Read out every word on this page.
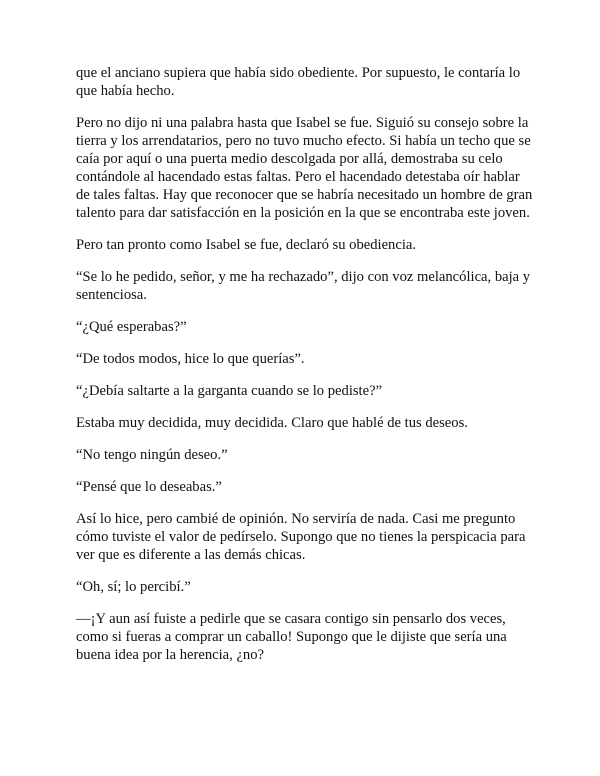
que el anciano supiera que había sido obediente. Por supuesto, le contaría lo que había hecho.

Pero no dijo ni una palabra hasta que Isabel se fue. Siguió su consejo sobre la tierra y los arrendatarios, pero no tuvo mucho efecto. Si había un techo que se caía por aquí o una puerta medio descolgada por allá, demostraba su celo contándole al hacendado estas faltas. Pero el hacendado detestaba oír hablar de tales faltas. Hay que reconocer que se habría necesitado un hombre de gran talento para dar satisfacción en la posición en la que se encontraba este joven.

Pero tan pronto como Isabel se fue, declaró su obediencia.

“Se lo he pedido, señor, y me ha rechazado”, dijo con voz melancólica, baja y sentenciosa.

“¿Qué esperabas?”

“De todos modos, hice lo que querías”.

“¿Debía saltarte a la garganta cuando se lo pediste?”

Estaba muy decidida, muy decidida. Claro que hablé de tus deseos.

“No tengo ningún deseo.”

“Pensé que lo deseabas.”

Así lo hice, pero cambié de opinión. No serviría de nada. Casi me pregunto cómo tuviste el valor de pedírselo. Supongo que no tienes la perspicacia para ver que es diferente a las demás chicas.

“Oh, sí; lo percibí.”

—¡Y aun así fuiste a pedirle que se casara contigo sin pensarlo dos veces, como si fueras a comprar un caballo! Supongo que le dijiste que sería una buena idea por la herencia, ¿no?
